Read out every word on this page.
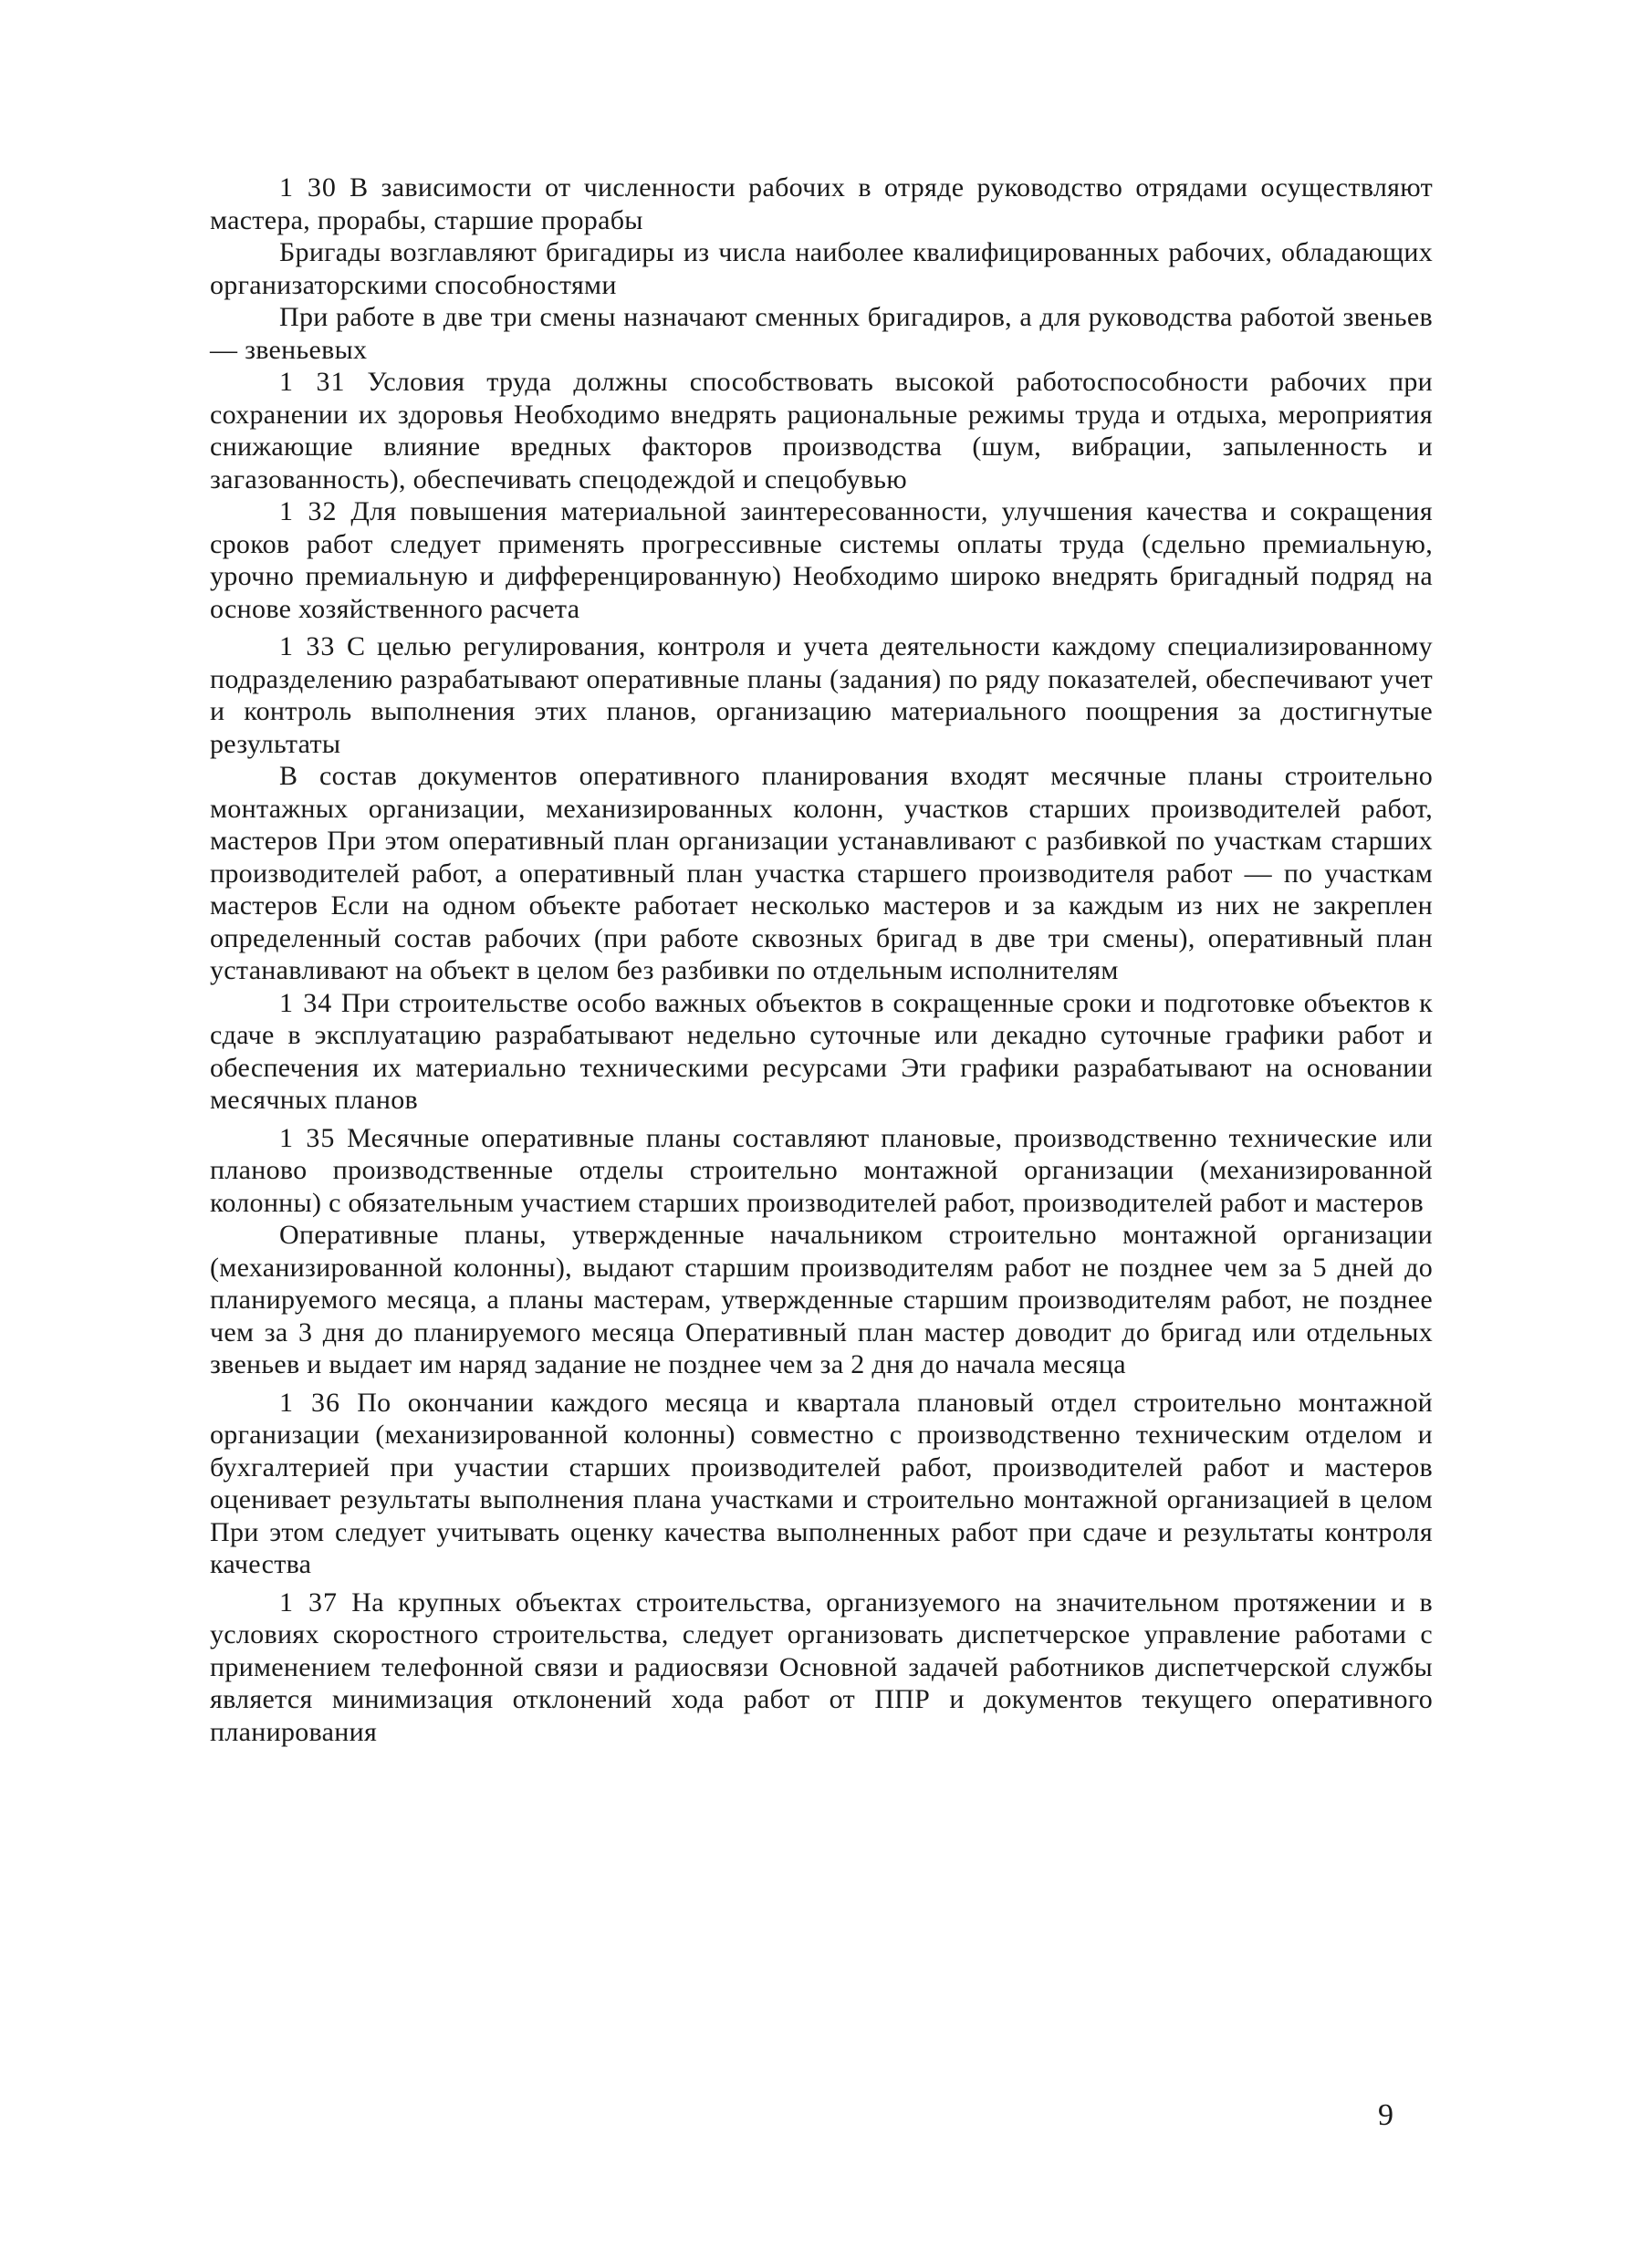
1 30 В зависимости от численности рабочих в отряде руководство отрядами осуществляют мастера, прорабы, старшие прорабы

Бригады возглавляют бригадиры из числа наиболее квалифицированных рабочих, обладающих организаторскими способностями

При работе в две три смены назначают сменных бригадиров, а для руководства работой звеньев — звеньевых

1 31 Условия труда должны способствовать высокой работоспособности рабочих при сохранении их здоровья Необходимо внедрять рациональные режимы труда и отдыха, мероприятия снижающие влияние вредных факторов производства (шум, вибрации, запыленность и загазованность), обеспечивать спецодеждой и спецобувью

1 32 Для повышения материальной заинтересованности, улучшения качества и сокращения сроков работ следует применять прогрессивные системы оплаты труда (сдельно премиальную, урочно премиальную и дифференцированную) Необходимо широко внедрять бригадный подряд на основе хозяйственного расчета

1 33 С целью регулирования, контроля и учета деятельности каждому специализированному подразделению разрабатывают оперативные планы (задания) по ряду показателей, обеспечивают учет и контроль выполнения этих планов, организацию материального поощрения за достигнутые результаты

В состав документов оперативного планирования входят месячные планы строительно монтажных организации, механизированных колонн, участков старших производителей работ, мастеров При этом оперативный план организации устанавливают с разбивкой по участкам старших производителей работ, а оперативный план участка старшего производителя работ — по участкам мастеров Если на одном объекте работает несколько мастеров и за каждым из них не закреплен определенный состав рабочих (при работе сквозных бригад в две три смены), оперативный план устанавливают на объект в целом без разбивки по отдельным исполнителям

1 34 При строительстве особо важных объектов в сокращенные сроки и подготовке объектов к сдаче в эксплуатацию разрабатывают недельно суточные или декадно суточные графики работ и обеспечения их материально техническими ресурсами Эти графики разрабатывают на основании месячных планов

1 35 Месячные оперативные планы составляют плановые, производственно технические или планово производственные отделы строительно монтажной организации (механизированной колонны) с обязательным участием старших производителей работ, производителей работ и мастеров

Оперативные планы, утвержденные начальником строительно монтажной организации (механизированной колонны), выдают старшим производителям работ не позднее чем за 5 дней до планируемого месяца, а планы мастерам, утвержденные старшим производителям работ, не позднее чем за 3 дня до планируемого месяца Оперативный план мастер доводит до бригад или отдельных звеньев и выдает им наряд задание не позднее чем за 2 дня до начала месяца

1 36 По окончании каждого месяца и квартала плановый отдел строительно монтажной организации (механизированной колонны) совместно с производственно техническим отделом и бухгалтерией при участии старших производителей работ, производителей работ и мастеров оценивает результаты выполнения плана участками и строительно монтажной организацией в целом При этом следует учитывать оценку качества выполненных работ при сдаче и результаты контроля качества

1 37 На крупных объектах строительства, организуемого на значительном протяжении и в условиях скоростного строительства, следует организовать диспетчерское управление работами с применением телефонной связи и радиосвязи Основной задачей работников диспетчерской службы является минимизация отклонений хода работ от ППР и документов текущего оперативного планирования

9
